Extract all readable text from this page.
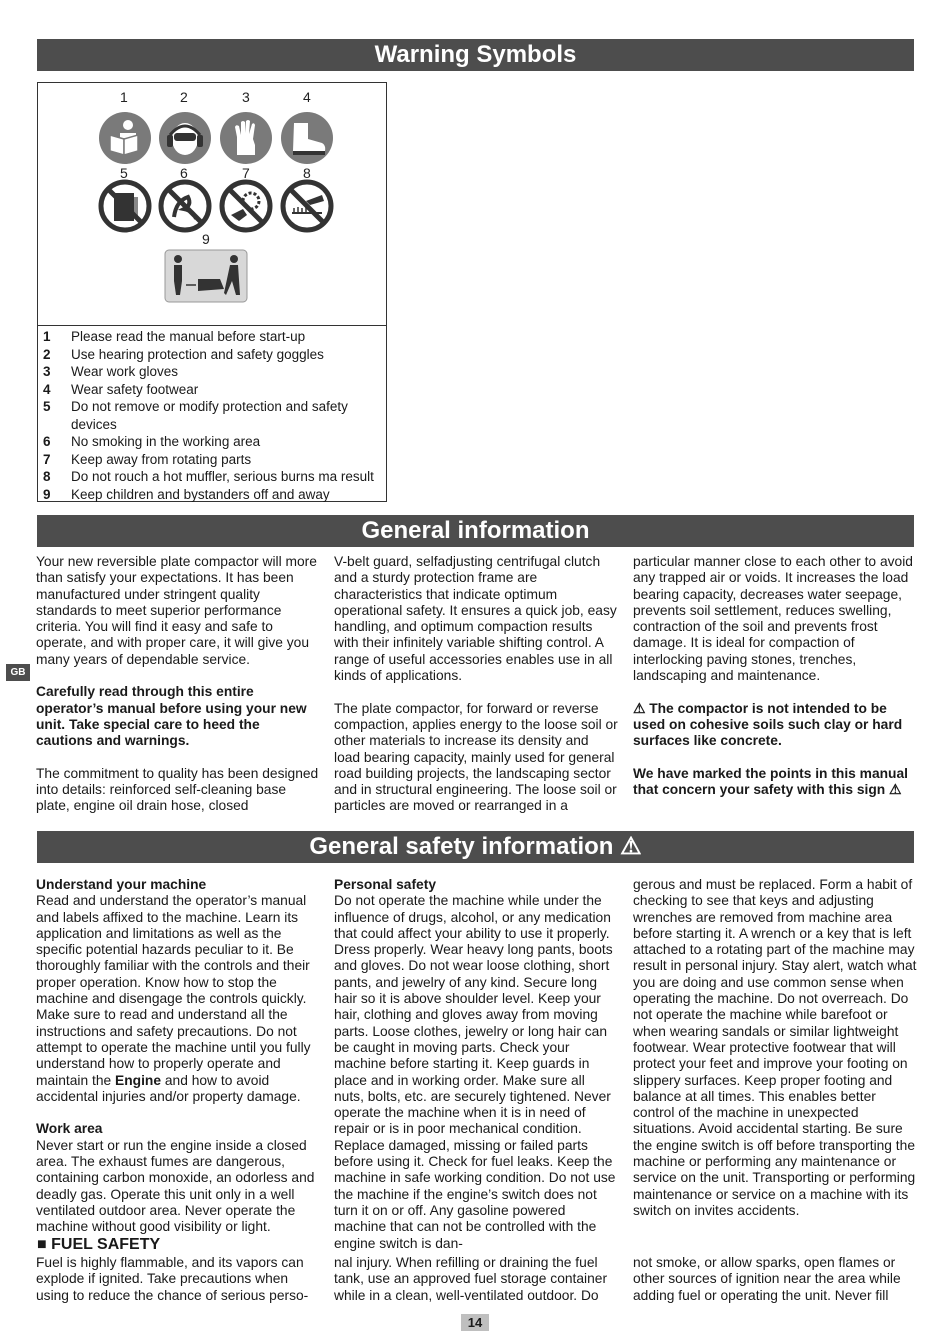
Warning Symbols
1	2	3	4
5	6	7	8
9
1	Please read the manual before start-up
2	Use hearing protection and safety goggles
3	Wear work gloves
4	Wear safety footwear
5	Do not remove or modify protection and safety devices
6	No smoking in the working area
7	Keep away from rotating parts
8	Do not rouch a hot muffler, serious burns ma result
9	Keep children and bystanders off and away
General information
GB

Your new reversible plate compactor will more than satisfy your expectations. It has been manufactured under stringent quality standards to meet superior performance criteria. You will find it easy and safe to operate, and with proper care, it will give you many years of dependable service.

Carefully read through this entire operator’s manual before using your new unit. Take special care to heed the cautions and warnings.

The commitment to quality has been designed into details: reinforced self-cleaning base plate, engine oil drain hose, closed

V-belt guard, selfadjusting centrifugal clutch and a sturdy protection frame are characteristics that indicate optimum operational safety. It ensures a quick job, easy handling, and optimum compaction results with their infinitely variable shifting control. A range of useful accessories enables use in all kinds of applications.

The plate compactor, for forward or reverse compaction, applies energy to the loose soil or other materials to increase its density and load bearing capacity, mainly used for general road building projects, the landscaping sector and in structural engineering. The loose soil or particles are moved or rearranged in a

particular manner close to each other to avoid any trapped air or voids. It increases the load bearing capacity, decreases water seepage, prevents soil settlement, reduces swelling, contraction of the soil and prevents frost damage. It is ideal for compaction of interlocking paving stones, trenches, landscaping and maintenance.

⚠ The compactor is not intended to be used on cohesive soils such clay or hard surfaces like concrete.

We have marked the points in this manual that concern your safety with this sign ⚠

General safety information ⚠
Understand your machine

Read and understand the operator’s manual and labels affixed to the machine. Learn its application and limitations as well as the specific potential hazards peculiar to it. Be thoroughly familiar with the controls and their proper operation. Know how to stop the machine and disengage the controls quickly. Make sure to read and understand all the instructions and safety precautions. Do not attempt to operate the machine until you fully understand how to properly operate and maintain the Engine and how to avoid accidental injuries and/or property damage.

Work area

Never start or run the engine inside a closed area. The exhaust fumes are dangerous, containing carbon monoxide, an odorless and deadly gas. Operate this unit only in a well ventilated outdoor area. Never operate the machine without good visibility or light.

Personal safety

Do not operate the machine while under the influence of drugs, alcohol, or any medication that could affect your ability to use it properly. Dress properly. Wear heavy long pants, boots and gloves. Do not wear loose clothing, short pants, and jewelry of any kind. Secure long hair so it is above shoulder level. Keep your hair, clothing and gloves away from moving parts. Loose clothes, jewelry or long hair can be caught in moving parts. Check your machine before starting it. Keep guards in place and in working order. Make sure all nuts, bolts, etc. are securely tightened. Never operate the machine when it is in need of repair or is in poor mechanical condition. Replace damaged, missing or failed parts before using it. Check for fuel leaks. Keep the machine in safe working condition. Do not use the machine if the engine’s switch does not turn it on or off. Any gasoline powered machine that can not be controlled with the engine switch is dan-

gerous and must be replaced. Form a habit of checking to see that keys and adjusting wrenches are removed from machine area before starting it. A wrench or a key that is left attached to a rotating part of the machine may result in personal injury. Stay alert, watch what you are doing and use common sense when operating the machine. Do not overreach. Do not operate the machine while barefoot or when wearing sandals or similar lightweight footwear. Wear protective footwear that will protect your feet and improve your footing on slippery surfaces. Keep proper footing and balance at all times. This enables better control of the machine in unexpected situations. Avoid accidental starting. Be sure the engine switch is off before transporting the machine or performing any maintenance or service on the unit. Transporting or performing maintenance or service on a machine with its switch on invites accidents.

■ FUEL SAFETY

Fuel is highly flammable, and its vapors can explode if ignited. Take precautions when using to reduce the chance of serious perso-

nal injury. When refilling or draining the fuel tank, use an approved fuel storage container while in a clean, well-ventilated outdoor. Do

not smoke, or allow sparks, open flames or other sources of ignition near the area while adding fuel or operating the unit. Never fill

14
